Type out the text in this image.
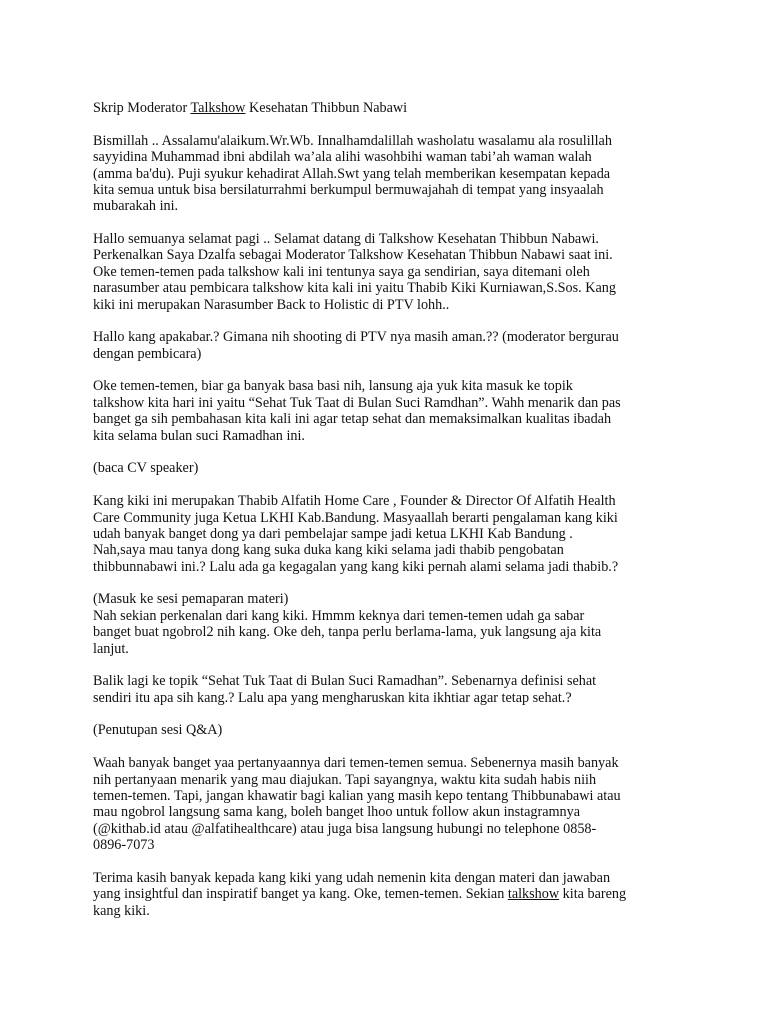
Skrip Moderator Talkshow Kesehatan Thibbun Nabawi
Bismillah .. Assalamu'alaikum.Wr.Wb. Innalhamdalillah washolatu wasalamu ala rosulillah
sayyidina Muhammad ibni abdilah wa’ala alihi wasohbihi waman tabi’ah waman walah
(amma ba'du). Puji syukur kehadirat Allah.Swt yang telah memberikan kesempatan kepada
kita semua untuk bisa bersilaturrahmi berkumpul bermuwajahah di tempat yang insyaalah
mubarakah ini.
Hallo semuanya selamat pagi .. Selamat datang di Talkshow Kesehatan Thibbun Nabawi.
Perkenalkan Saya Dzalfa sebagai Moderator Talkshow Kesehatan Thibbun Nabawi saat ini.
Oke temen-temen pada talkshow kali ini tentunya saya ga sendirian, saya ditemani oleh
narasumber atau pembicara talkshow kita kali ini yaitu Thabib Kiki Kurniawan,S.Sos. Kang
kiki ini merupakan Narasumber Back to Holistic di PTV lohh..
Hallo kang apakabar.? Gimana nih shooting di PTV nya masih aman.?? (moderator bergurau
dengan pembicara)
Oke temen-temen, biar ga banyak basa basi nih, lansung aja yuk kita masuk ke topik
talkshow kita hari ini yaitu “Sehat Tuk Taat di Bulan Suci Ramdhan”. Wahh menarik dan pas
banget ga sih pembahasan kita kali ini agar tetap sehat dan memaksimalkan kualitas ibadah
kita selama bulan suci Ramadhan ini.
(baca CV speaker)
Kang kiki ini merupakan Thabib Alfatih Home Care , Founder & Director Of Alfatih Health
Care Community juga Ketua LKHI Kab.Bandung. Masyaallah berarti pengalaman kang kiki
udah banyak banget dong ya dari pembelajar sampe jadi ketua LKHI Kab Bandung .
Nah,saya mau tanya dong kang suka duka kang kiki selama jadi thabib pengobatan
thibbunnabawi ini.? Lalu ada ga kegagalan yang kang kiki pernah alami selama jadi thabib.?
(Masuk ke sesi pemaparan materi)
Nah sekian perkenalan dari kang kiki. Hmmm keknya dari temen-temen udah ga sabar
banget buat ngobrol2 nih kang. Oke deh, tanpa perlu berlama-lama, yuk langsung aja kita
lanjut.
Balik lagi ke topik “Sehat Tuk Taat di Bulan Suci Ramadhan”. Sebenarnya definisi sehat
sendiri itu apa sih kang.? Lalu apa yang mengharuskan kita ikhtiar agar tetap sehat.?
(Penutupan sesi Q&A)
Waah banyak banget yaa pertanyaannya dari temen-temen semua. Sebenernya masih banyak
nih pertanyaan menarik yang mau diajukan. Tapi sayangnya, waktu kita sudah habis niih
temen-temen. Tapi, jangan khawatir bagi kalian yang masih kepo tentang Thibbunabawi atau
mau ngobrol langsung sama kang, boleh banget lhoo untuk follow akun instagramnya
(@kithab.id atau @alfatihealthcare) atau juga bisa langsung hubungi no telephone 0858-
0896-7073
Terima kasih banyak kepada kang kiki yang udah nemenin kita dengan materi dan jawaban
yang insightful dan inspiratif banget ya kang. Oke, temen-temen. Sekian talkshow kita bareng
kang kiki.
